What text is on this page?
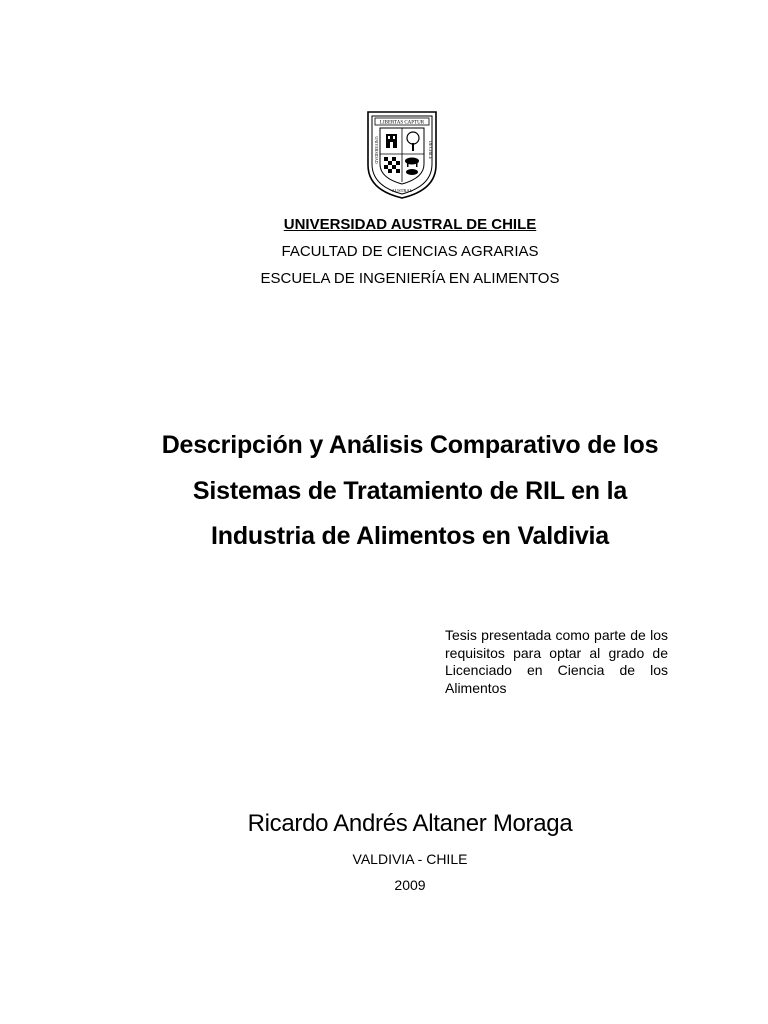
LIBERTAS CAPTUR
UNIVERSIDAD
AUSTRAL
DE CHILE
UNIVERSIDAD AUSTRAL DE CHILE
FACULTAD DE CIENCIAS AGRARIAS
ESCUELA DE INGENIERÍA EN ALIMENTOS
Descripción y Análisis Comparativo de los
Sistemas de Tratamiento de RIL en la
Industria de Alimentos en Valdivia
Tesis presentada como parte de los requisitos para optar al grado de Licenciado en Ciencia de los Alimentos
Ricardo Andrés Altaner Moraga
VALDIVIA - CHILE
2009
